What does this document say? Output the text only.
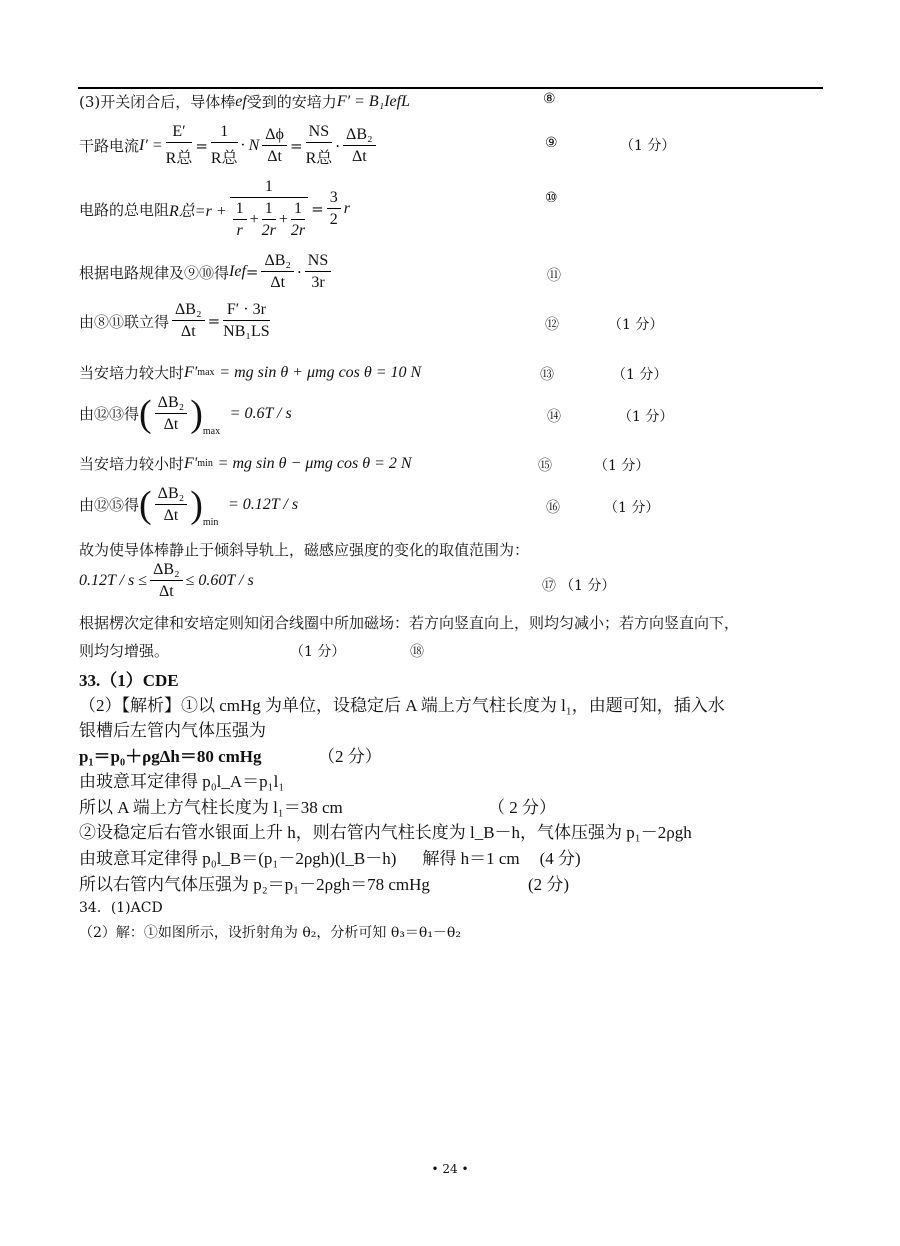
(3)开关闭合后，导体棒 ef 受到的安培力 F′ = B₁I ef L	⑧
干路电流 $I' = \frac{E'}{\text{R总}} = \frac{1}{\text{R总}} \cdot N \frac{\Delta\phi}{\Delta t} = \frac{NS}{\text{R总}} \cdot \frac{\text{ΔB₂}}{\Delta t}$	⑨	（1 分）
电路的总电阻 R总$=r + \frac{1}{\frac{1}{r} + \frac{1}{2r} + \frac{1}{2r}} = \frac{3}{2}$ r
⑩
根据电路规律及⑨⑩得 I ef = $\frac{\text{ΔB₂}}{\Delta t} \cdot \frac{NS}{3r}$	⑪
由⑧⑪联立得 $\frac{\text{ΔB₂}}{\Delta t} = \frac{F' \cdot 3r}{\text{NB₁LS}}$	⑫	（1 分）
当安培力较大时 F′ max
= mg sin θ + μmg cos θ = 10 N	⑬	（1 分）
由⑫⑬得 ( $\frac{\text{ΔB₂}}{\Delta t} )_{max}$

= 0.6T / s	⑭	（1 分）
当安培力较小时 F′ min
= mg sin θ − μmg cos θ = 2 N	⑮	（1 分）
由⑫⑮得 ( $\frac{\text{ΔB₂}}{\Delta t} )_{min}$

= 0.12T / s	⑯	（1 分）
故为使导体棒静止于倾斜导轨上，磁感应强度的变化的取值范围为：
$0.12T / s \le \frac{\text{ΔB₂}}{\Delta t} \le 0.60T / s$	⑰ （1 分）
根据楞次定律和安培定则知闭合线圈中所加磁场：若方向竖直向上，则均匀减小；若方向竖直向下，
则均匀增强。	（1 分）	⑱
33.（1）CDE
（2）【解析】①以 cmHg 为单位，设稳定后 A 端上方气柱长度为 l₁，由题可知，插入水
银槽后左管内气体压强为
p₁＝p₀＋ρgΔh＝80 cmHg	（2 分）
由玻意耳定律得 p₀l_A＝p₁l₁
所以 A 端上方气柱长度为 l₁＝38 cm	（ 2 分）
②设稳定后右管水银面上升 h，则右管内气柱长度为 l_B－h，气体压强为 p₁－2ρgh
由玻意耳定律得 p₀l_B＝(p₁－2ρgh)(l_B－h) 解得 h＝1 cm (4 分)
所以右管内气体压强为 p₂＝p₁－2ρgh＝78 cmHg	(2 分)
34．(1)ACD
（2）解：①如图所示，设折射角为 θ₂，分析可知 θ₃＝θ₁－θ₂
• 24 •
